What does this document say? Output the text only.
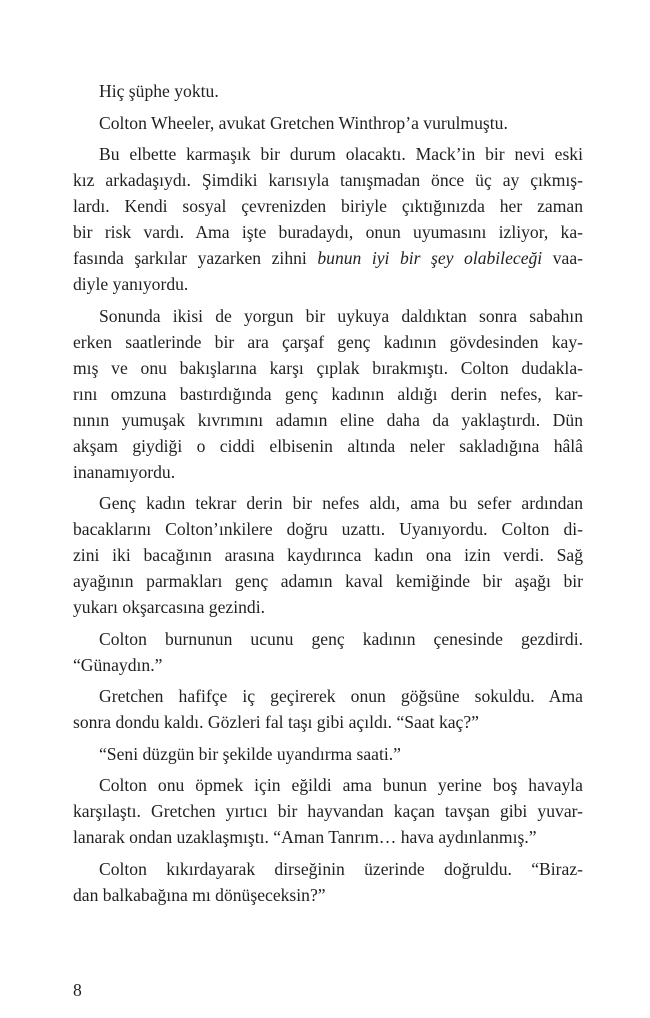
Hiç şüphe yoktu.

Colton Wheeler, avukat Gretchen Winthrop’a vurulmuştu.

Bu elbette karmaşık bir durum olacaktı. Mack’in bir nevi eski
kız arkadaşıydı. Şimdiki karısıyla tanışmadan önce üç ay çıkmış-
lardı. Kendi sosyal çevrenizden biriyle çıktığınızda her zaman
bir risk vardı. Ama işte buradaydı, onun uyumasını izliyor, ka-
fasında şarkılar yazarken zihni bunun iyi bir şey olabileceği vaa-
diyle yanıyordu.

Sonunda ikisi de yorgun bir uykuya daldıktan sonra sabahın
erken saatlerinde bir ara çarşaf genç kadının gövdesinden kay-
mış ve onu bakışlarına karşı çıplak bırakmıştı. Colton dudakla-
rını omzuna bastırdığında genç kadının aldığı derin nefes, kar-
nının yumuşak kıvrımını adamın eline daha da yaklaştırdı. Dün
akşam giydiği o ciddi elbisenin altında neler sakladığına hâlâ
inanamıyordu.

Genç kadın tekrar derin bir nefes aldı, ama bu sefer ardından
bacaklarını Colton’ınkilere doğru uzattı. Uyanıyordu. Colton di-
zini iki bacağının arasına kaydırınca kadın ona izin verdi. Sağ
ayağının parmakları genç adamın kaval kemiğinde bir aşağı bir
yukarı okşarcasına gezindi.

Colton burnunun ucunu genç kadının çenesinde gezdirdi.
“Günaydın.”

Gretchen hafifçe iç geçirerek onun göğsüne sokuldu. Ama
sonra dondu kaldı. Gözleri fal taşı gibi açıldı. “Saat kaç?”

“Seni düzgün bir şekilde uyandırma saati.”

Colton onu öpmek için eğildi ama bunun yerine boş havayla
karşılaştı. Gretchen yırtıcı bir hayvandan kaçan tavşan gibi yuvar-
lanarak ondan uzaklaşmıştı. “Aman Tanrım… hava aydınlanmış.”

Colton kıkırdayarak dirseğinin üzerinde doğruldu. “Biraz-
dan balkabağına mı dönüşeceksin?”

8
